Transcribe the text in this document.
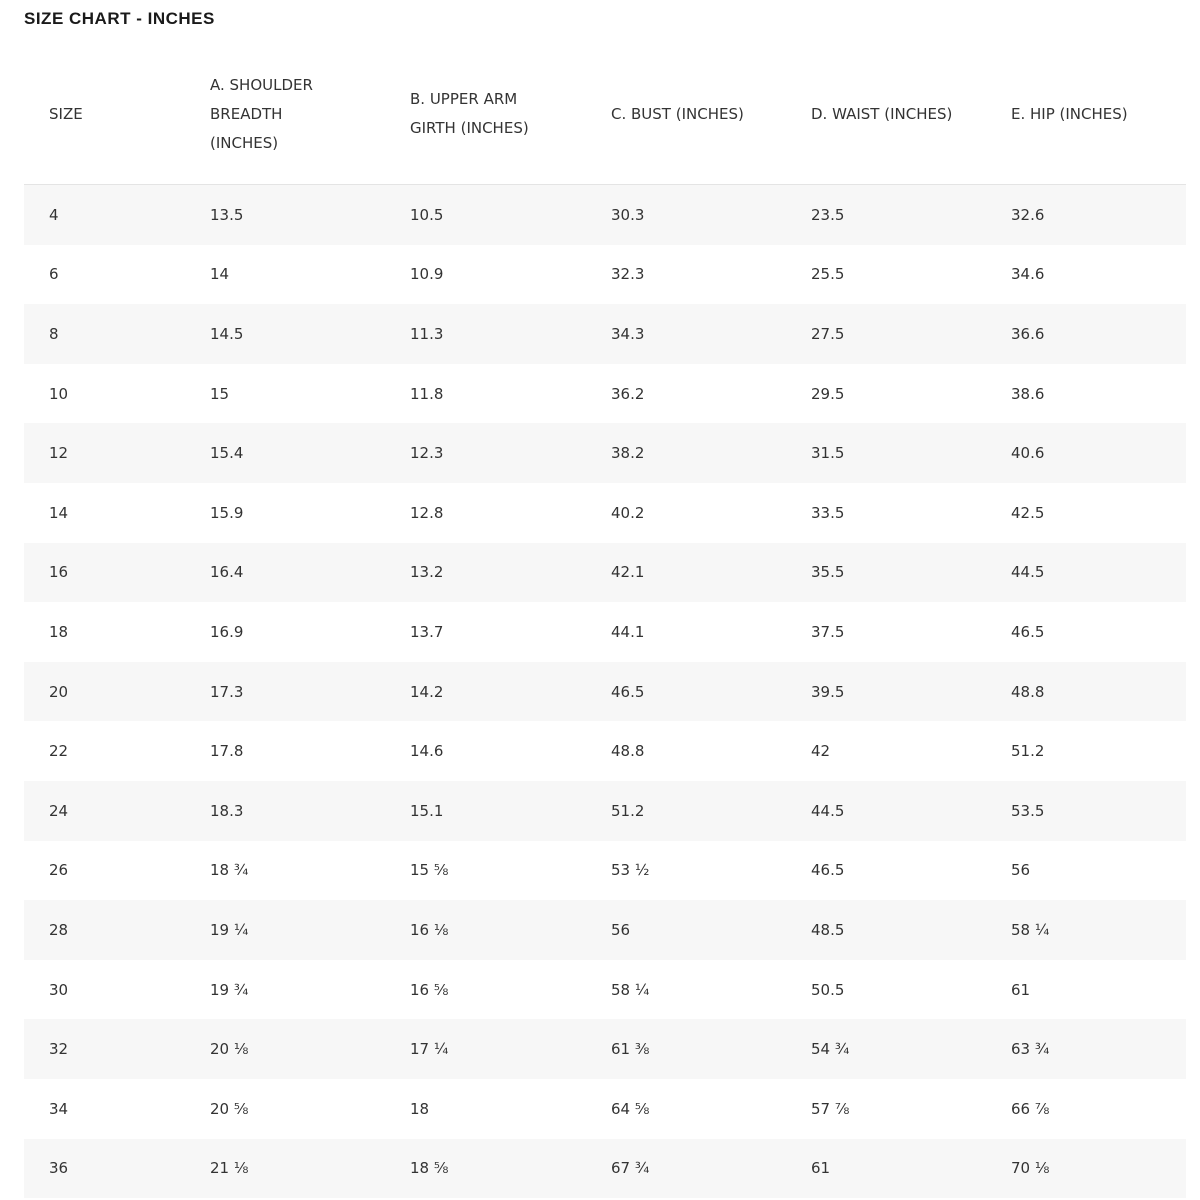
SIZE CHART - INCHES
SIZE	A. SHOULDER BREADTH (INCHES)	B. UPPER ARM GIRTH (INCHES)	C. BUST (INCHES)	D. WAIST (INCHES)	E. HIP (INCHES)
4	13.5	10.5	30.3	23.5	32.6
6	14	10.9	32.3	25.5	34.6
8	14.5	11.3	34.3	27.5	36.6
10	15	11.8	36.2	29.5	38.6
12	15.4	12.3	38.2	31.5	40.6
14	15.9	12.8	40.2	33.5	42.5
16	16.4	13.2	42.1	35.5	44.5
18	16.9	13.7	44.1	37.5	46.5
20	17.3	14.2	46.5	39.5	48.8
22	17.8	14.6	48.8	42	51.2
24	18.3	15.1	51.2	44.5	53.5
26	18 ¾	15 ⅝	53 ½	46.5	56
28	19 ¼	16 ⅛	56	48.5	58 ¼
30	19 ¾	16 ⅝	58 ¼	50.5	61
32	20 ⅛	17 ¼	61 ⅜	54 ¾	63 ¾
34	20 ⅝	18	64 ⅝	57 ⅞	66 ⅞
36	21 ⅛	18 ⅝	67 ¾	61	70 ⅛
